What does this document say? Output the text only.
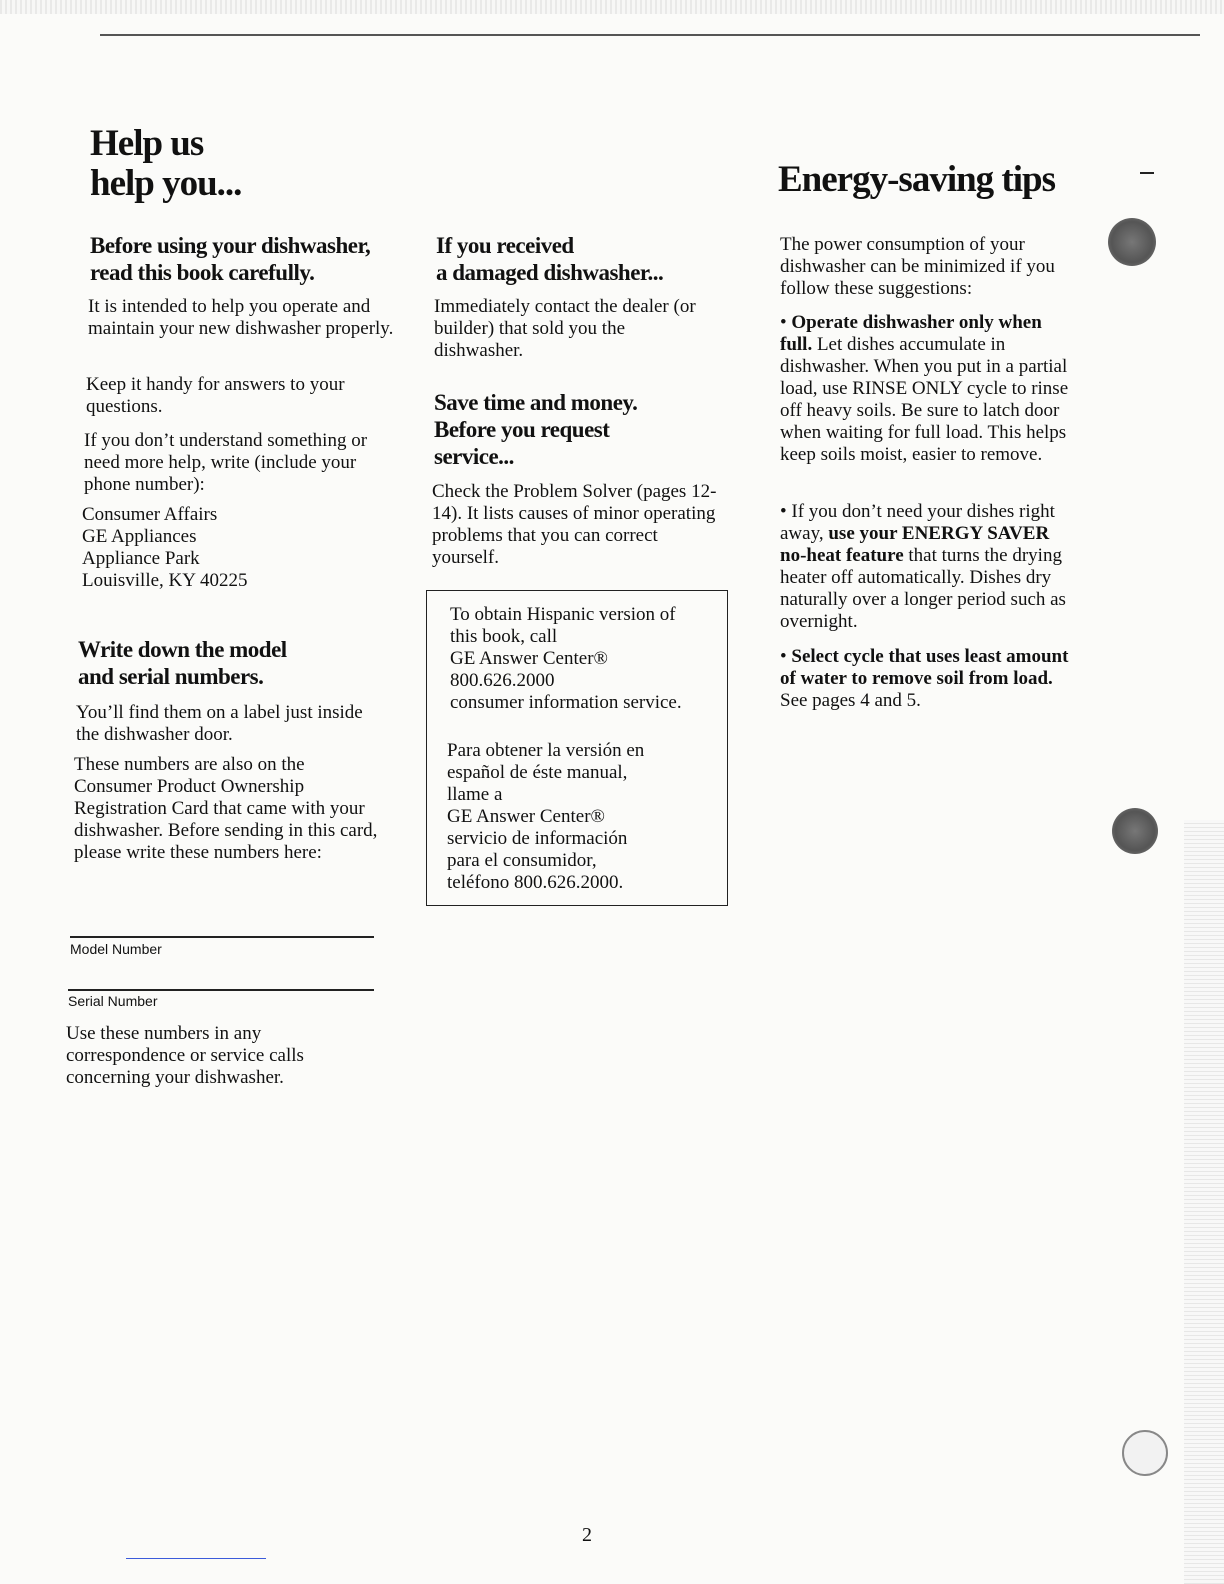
Help us
help you...	Energy-saving tips
Before using your dishwasher,
read this book carefully.

It is intended to help you operate and maintain your new dishwasher properly.

Keep it handy for answers to your questions.

If you don’t understand something or need more help, write (include your phone number):

Consumer Affairs
GE Appliances
Appliance Park
Louisville, KY 40225
Write down the model
and serial numbers.

You’ll find them on a label just inside the dishwasher door.

These numbers are also on the Consumer Product Ownership Registration Card that came with your dishwasher. Before sending in this card, please write these numbers here:

Model Number

Serial Number

Use these numbers in any correspondence or service calls concerning your dishwasher.

If you received
a damaged dishwasher...

Immediately contact the dealer (or builder) that sold you the dishwasher.

Save time and money.
Before you request
service...

Check the Problem Solver (pages 12-14). It lists causes of minor operating problems that you can correct yourself.

To obtain Hispanic version of
this book, call
GE Answer Center®
800.626.2000
consumer information service.
Para obtener la versión en
español de éste manual,
llame a
GE Answer Center®
servicio de información
para el consumidor,
teléfono 800.626.2000.

The power consumption of your dishwasher can be minimized if you follow these suggestions:

• Operate dishwasher only when full. Let dishes accumulate in dishwasher. When you put in a partial load, use RINSE ONLY cycle to rinse off heavy soils. Be sure to latch door when waiting for full load. This helps keep soils moist, easier to remove.

• If you don’t need your dishes right away, use your ENERGY SAVER no-heat feature that turns the drying heater off automatically. Dishes dry naturally over a longer period such as overnight.

• Select cycle that uses least amount of water to remove soil from load. See pages 4 and 5.

2
